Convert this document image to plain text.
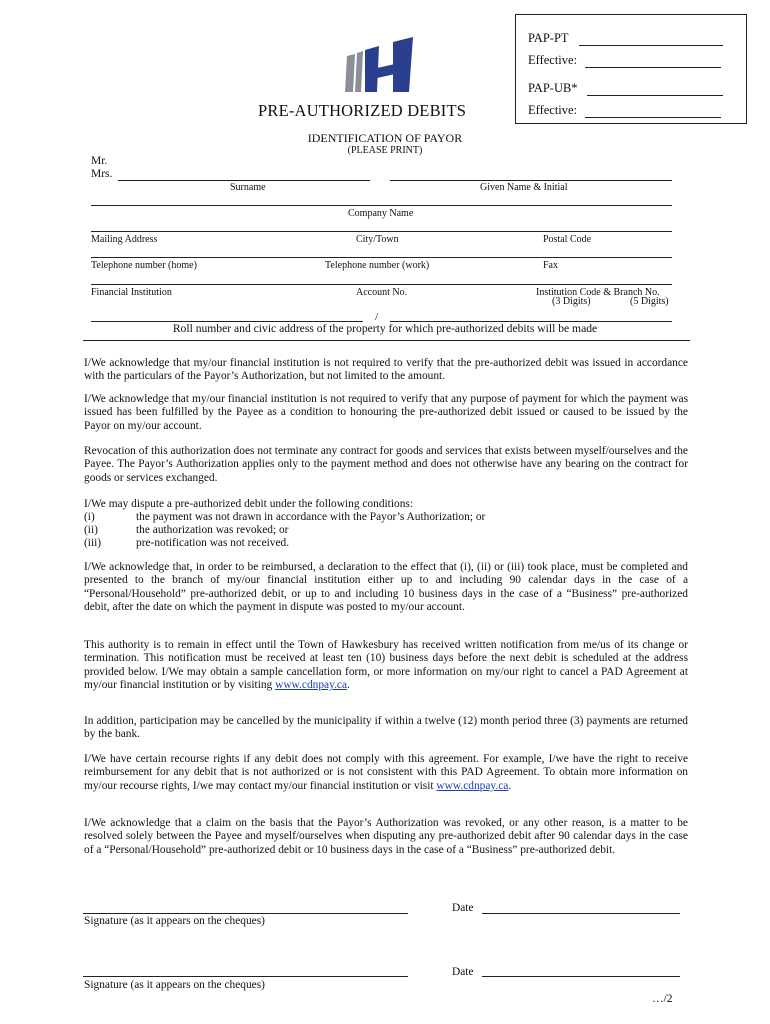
PRE-AUTHORIZED DEBITS
PAP-PT
Effective:
PAP-UB*
Effective:
IDENTIFICATION OF PAYOR
(PLEASE PRINT)
Mr.
Mrs.
Surname	Given Name & Initial
Company Name
Mailing Address	City/Town	Postal Code
Telephone number (home)	Telephone number (work)	Fax
Financial Institution	Account No.	Institution Code & Branch No.
(3 Digits)	(5 Digits)
/
Roll number and civic address of the property for which pre-authorized debits will be made

I/We acknowledge that my/our financial institution is not required to verify that the pre-authorized debit was issued in accordance with the particulars of the Payor’s Authorization, but not limited to the amount.

I/We acknowledge that my/our financial institution is not required to verify that any purpose of payment for which the payment was issued has been fulfilled by the Payee as a condition to honouring the pre-authorized debit issued or caused to be issued by the Payor on my/our account.

Revocation of this authorization does not terminate any contract for goods and services that exists between myself/ourselves and the Payee. The Payor’s Authorization applies only to the payment method and does not otherwise have any bearing on the contract for goods or services exchanged.

I/We may dispute a pre-authorized debit under the following conditions:
(i)	the payment was not drawn in accordance with the Payor’s Authorization; or
(ii)	the authorization was revoked; or
(iii)	pre-notification was not received.

I/We acknowledge that, in order to be reimbursed, a declaration to the effect that (i), (ii) or (iii) took place, must be completed and presented to the branch of my/our financial institution either up to and including 90 calendar days in the case of a “Personal/Household” pre-authorized debit, or up to and including 10 business days in the case of a “Business” pre-authorized debit, after the date on which the payment in dispute was posted to my/our account.

This authority is to remain in effect until the Town of Hawkesbury has received written notification from me/us of its change or termination. This notification must be received at least ten (10) business days before the next debit is scheduled at the address provided below. I/We may obtain a sample cancellation form, or more information on my/our right to cancel a PAD Agreement at my/our financial institution or by visiting www.cdnpay.ca.

In addition, participation may be cancelled by the municipality if within a twelve (12) month period three (3) payments are returned by the bank.

I/We have certain recourse rights if any debit does not comply with this agreement. For example, I/we have the right to receive reimbursement for any debit that is not authorized or is not consistent with this PAD Agreement. To obtain more information on my/our recourse rights, I/we may contact my/our financial institution or visit www.cdnpay.ca.

I/We acknowledge that a claim on the basis that the Payor’s Authorization was revoked, or any other reason, is a matter to be resolved solely between the Payee and myself/ourselves when disputing any pre-authorized debit after 90 calendar days in the case of a “Personal/Household” pre-authorized debit or 10 business days in the case of a “Business” pre-authorized debit.

Signature (as it appears on the cheques)
Date
Signature (as it appears on the cheques)
Date
…/2
